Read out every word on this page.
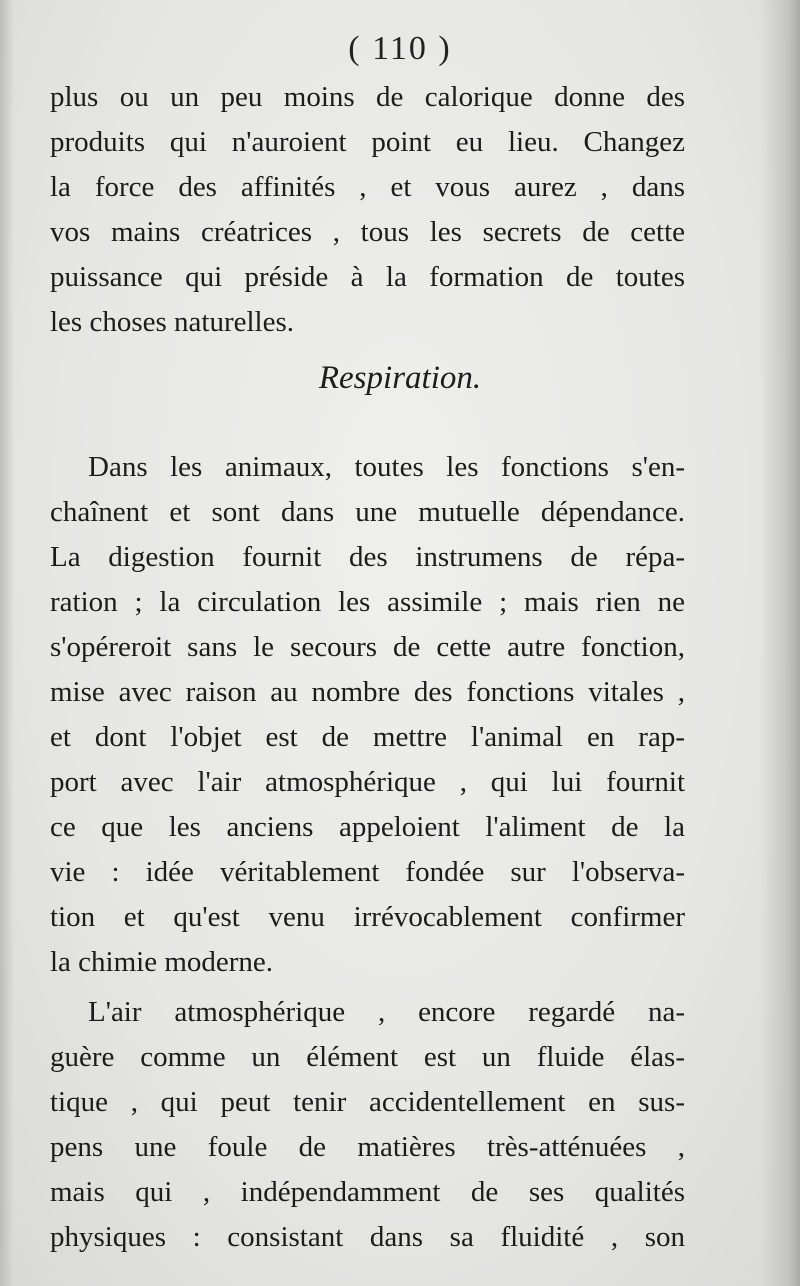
( 110 )
plus ou un peu moins de calorique donne des
produits qui n'auroient point eu lieu. Changez
la force des affinités , et vous aurez , dans
vos mains créatrices , tous les secrets de cette
puissance qui préside à la formation de toutes
les choses naturelles.
Respiration.
Dans les animaux, toutes les fonctions s'en-
chaînent et sont dans une mutuelle dépendance.
La digestion fournit des instrumens de répa-
ration ; la circulation les assimile ; mais rien ne
s'opéreroit sans le secours de cette autre fonction,
mise avec raison au nombre des fonctions vitales ,
et dont l'objet est de mettre l'animal en rap-
port avec l'air atmosphérique , qui lui fournit
ce que les anciens appeloient l'aliment de la
vie : idée véritablement fondée sur l'observa-
tion et qu'est venu irrévocablement confirmer
la chimie moderne.
L'air atmosphérique , encore regardé na-
guère comme un élément est un fluide élas-
tique , qui peut tenir accidentellement en sus-
pens une foule de matières très-atténuées ,
mais qui , indépendamment de ses qualités
physiques : consistant dans sa fluidité , son
